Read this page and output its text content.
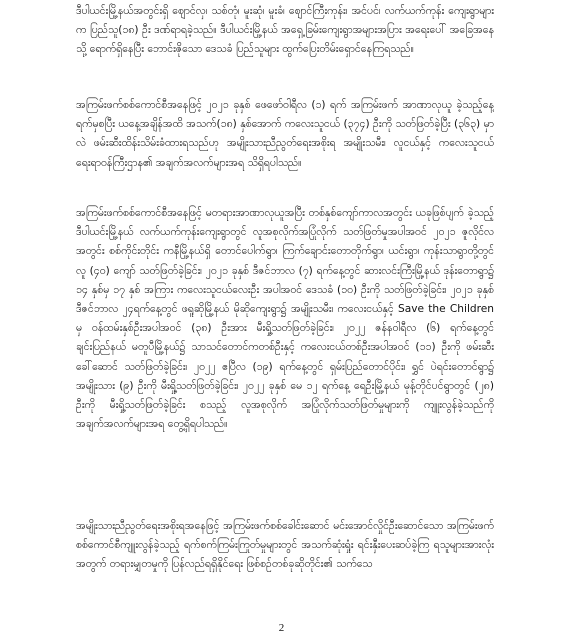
ဒီပါယင်းမြို့နယ်အတွင်းရှိ ဈောင်လှ၊ သစ်တုံ၊ မူးဆုံ၊ မူးခံ၊ ဈောင်ကြီးကုန်း၊ အင်ပင်၊ လက်ယက်ကုန်း ကျေးရွာများက ပြည်သူ(၁၈) ဦး ဒဏ်ရာရခဲ့သည်။ ဒီပါယင်းမြို့နယ် အရှေ့ခြမ်းကျေးရွာအများအပြား အရေးပေါ် အခြေအနေသို့ ရောက်ရှိနေပြီး ဘောင်းဇိုသော ဒေသခံ ပြည်သူများ ထွက်ပြေးတိမ်းရှောင်နေကြရသည်။

အကြမ်းဖက်စစ်ကောင်စီအနေဖြင့် ၂၀၂၁ ခုနှစ် ဖေဖော်ဝါရီလ (၁) ရက် အကြမ်းဖက် အာဏာလုယူ ခဲ့သည့်နေ့ရက်မှစပြီး ယနေ့အချိန်အထိ အသက်(၁၈) နှစ်အောက် ကလေးသူငယ် (၃၇၄) ဦးကို သတ်ဖြတ်ခဲ့ပြီး (၃၆၃) မှာလဲ ဖမ်းဆီးထိန်းသိမ်းခံထားရသည်ဟု အမျိုးသားညီညွတ်ရေးအစိုးရ အမျိုးသမီး၊ လူငယ်နှင့် ကလေးသူငယ်ရေးရာဝန်ကြီးဌာန၏ အချက်အလက်များအရ သိရှိရပါသည်။

အကြမ်းဖက်စစ်ကောင်စီအနေဖြင့် မတရားအာဏာလုယူအပြီး တစ်နှစ်ကျော်ကာလအတွင်း ယခုဖြစ်ပျက် ခဲ့သည့် ဒီပါယင်းမြို့နယ် လက်ယက်ကုန်းကျေးရွာတွင် လူအစုလိုက်အပြုံလိုက် သတ်ဖြတ်မှုအပါအဝင် ၂၀၂၁ ဇူလိုင်လအတွင်း စစ်ကိုင်းတိုင်း ကနီမြို့နယ်ရှိ တောင်ပေါက်ရွာ၊ ကြက်ချောင်းတောတိုက်ရွာ၊ ယင်းရွာ၊ ကုန်းသာရွာတို့တွင် လူ (၄၀) ကျော် သတ်ဖြတ်ခဲ့ခြင်း၊ ၂၀၂၁ ခုနှစ် ဒီဇင်ဘာလ (၇) ရက်နေ့တွင် ဆားလင်းကြီးမြို့နယ် ဒုန်းတောရွာ၌ ၁၄ နှစ်မှ ၁၇ နှစ် အကြား ကလေးသူငယ်လေးဦး အပါအဝင် ဒေသခံ (၁၀) ဦးကို သတ်ဖြတ်ခဲ့ခြင်း၊ ၂၀၂၁ ခုနှစ် ဒီဇင်ဘာလ ၂၄ရက်နေ့တွင် ဖရူဆိုမြို့နယ် မိုဆိုကျေးရွာ၌ အမျိုးသမီး၊ ကလေးငယ်နှင့် Save the Children မှ ဝန်ထမ်းနှစ်ဦးအပါအဝင် (၃၈) ဦးအား မီးရှို့သတ်ဖြတ်ခဲ့ခြင်း၊ ၂၀၂၂ ဇန်နဝါရီလ (၆) ရက်နေ့တွင် ချင်းပြည်နယ် မတူပီမြို့နယ်၌ သာသင်တောင်ကတစ်ဦးနှင့် ကလေးငယ်တစ်ဦးအပါအဝင် (၁၁) ဦးကို ဖမ်းဆီးခေါ်ဆောင် သတ်ဖြတ်ခဲ့ခြင်း၊ ၂၀၂၂ ဧပြီလ (၁၉) ရက်နေ့တွင် ရှမ်းပြည်တောင်ပိုင်း၊ ရွှင် ပဲရင်းတောင်ရွာ၌ အမျိုးသား (၉) ဦးကို မီးရှို့သတ်ဖြတ်ခဲ့ခြင်း၊ ၂၀၂၂ ခုနှစ် မေ ၁၂ ရက်နေ့ ရေဦးမြို့နယ် မုန့်တိုင်ပင်ရွာတွင် (၂၈) ဦးကို မီးရှို့သတ်ဖြတ်ခဲ့ခြင်း စသည့် လူအစုလိုက် အပြုံလိုက်သတ်ဖြတ်မှုများကို ကျူးလွန်ခဲ့သည်ကို အချက်အလက်များအရ တွေ့ရှိရပါသည်။

အမျိုးသားညီညွတ်ရေးအစိုးရအနေဖြင့် အကြမ်းဖက်စစ်ခေါင်းဆောင် မင်းအောင်လှိုင်ဦးဆောင်သော အကြမ်းဖက်စစ်ကောင်စီကျူးလွန်ခဲ့သည့် ရက်စက်ကြမ်းကြုတ်မှုများတွင် အသက်ဆုံးရှုံး ရင်းနှီးပေးဆပ်ခဲ့ကြ ရသူများအားလုံးအတွက် တရားမျှတမှုကို ပြန်လည်ရရှိနိုင်ရေး ဖြစ်စဉ်တစ်ခုဆိုတိုင်း၏ သက်သေ

2
